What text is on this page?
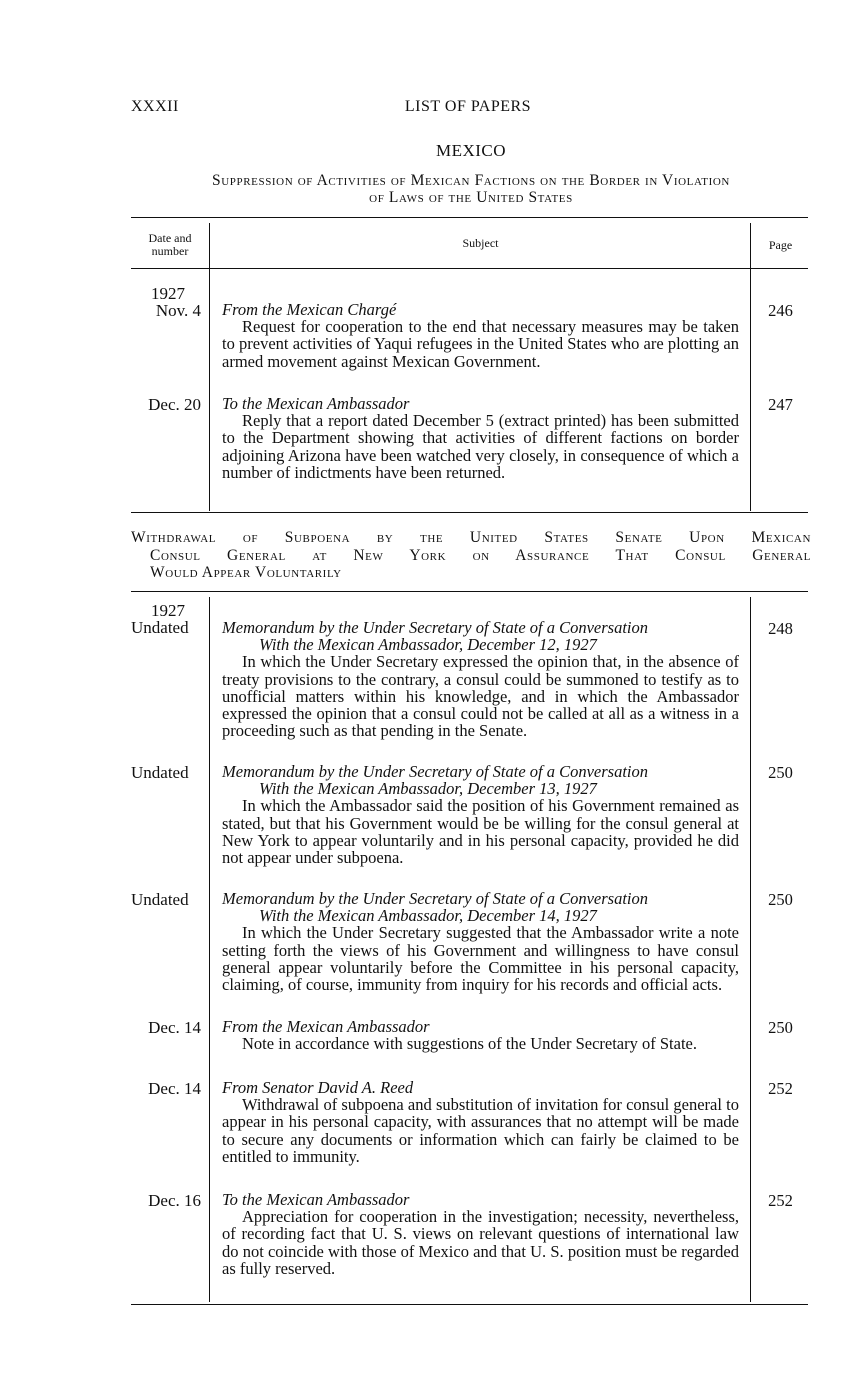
XXXII	LIST OF PAPERS
MEXICO
Suppression of Activities of Mexican Factions on the Border in Violation
of Laws of the United States
Date and
number
Subject	Page
1927
Nov. 4 From the Mexican Chargé
Request for cooperation to the end that necessary measures may be taken to prevent activities of Yaqui refugees in the United States who are plotting an armed movement against Mexican Government.
246
Dec. 20 To the Mexican Ambassador
Reply that a report dated December 5 (extract printed) has been submitted to the Department showing that activities of different factions on border adjoining Arizona have been watched very closely, in consequence of which a number of indictments have been returned.
247
Withdrawal of Subpoena by the United States Senate Upon Mexican
Consul General at New York on Assurance That Consul General
Would Appear Voluntarily
1927
Undated	Memorandum by the Under Secretary of State of a Conversation
With the Mexican Ambassador, December 12, 1927
In which the Under Secretary expressed the opinion that, in the absence of treaty provisions to the contrary, a consul could be summoned to testify as to unofficial matters within his knowledge, and in which the Ambassador expressed the opinion that a consul could not be called at all as a witness in a proceeding such as that pending in the Senate.
248
Undated	Memorandum by the Under Secretary of State of a Conversation
With the Mexican Ambassador, December 13, 1927
In which the Ambassador said the position of his Government remained as stated, but that his Government would be be willing for the consul general at New York to appear voluntarily and in his personal capacity, provided he did not appear under subpoena.
250
Undated	Memorandum by the Under Secretary of State of a Conversation
With the Mexican Ambassador, December 14, 1927
In which the Under Secretary suggested that the Ambassador write a note setting forth the views of his Government and willingness to have consul general appear voluntarily before the Committee in his personal capacity, claiming, of course, immunity from inquiry for his records and official acts.
250
Dec. 14 From the Mexican Ambassador
Note in accordance with suggestions of the Under Secretary of State.
250
Dec. 14 From Senator David A. Reed
Withdrawal of subpoena and substitution of invitation for consul general to appear in his personal capacity, with assurances that no attempt will be made to secure any documents or information which can fairly be claimed to be entitled to immunity.
252
Dec. 16 To the Mexican Ambassador
Appreciation for cooperation in the investigation; necessity, nevertheless, of recording fact that U. S. views on relevant questions of international law do not coincide with those of Mexico and that U. S. position must be regarded as fully reserved.
252
